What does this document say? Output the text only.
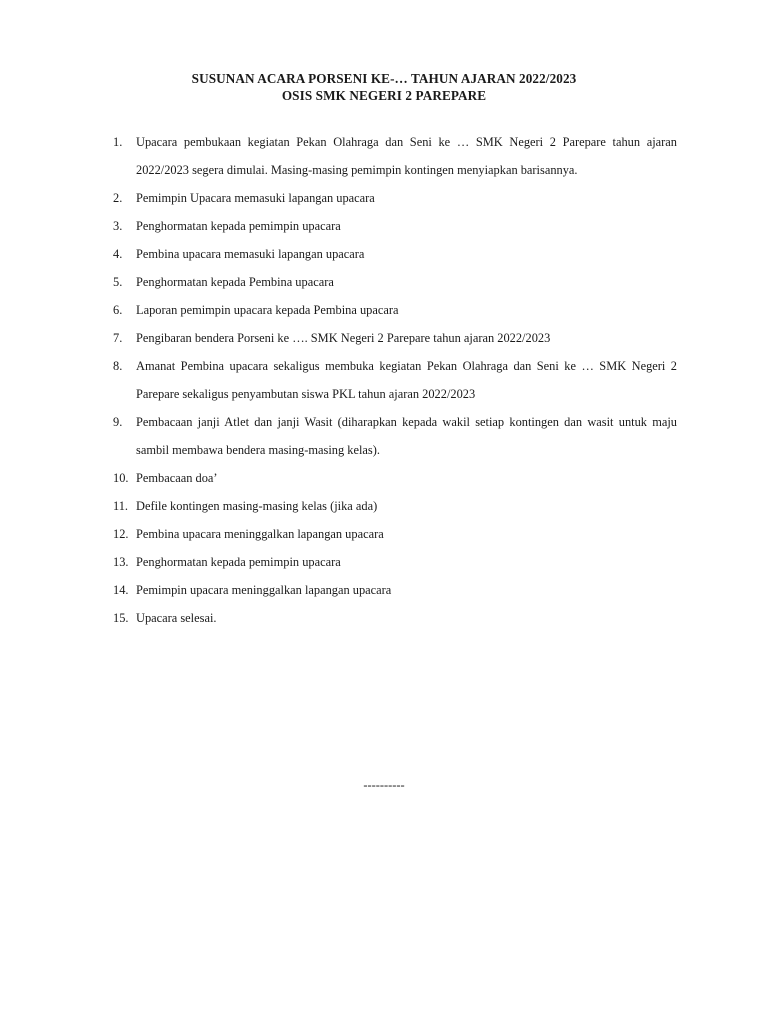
SUSUNAN ACARA PORSENI KE-… TAHUN AJARAN 2022/2023

OSIS SMK NEGERI 2 PAREPARE

1.	Upacara pembukaan kegiatan Pekan Olahraga dan Seni ke … SMK Negeri 2 Parepare tahun ajaran 2022/2023 segera dimulai. Masing-masing pemimpin kontingen menyiapkan barisannya.
2.	Pemimpin Upacara memasuki lapangan upacara
3.	Penghormatan kepada pemimpin upacara
4.	Pembina upacara memasuki lapangan upacara
5.	Penghormatan kepada Pembina upacara
6.	Laporan pemimpin upacara kepada Pembina upacara
7.	Pengibaran bendera Porseni ke …. SMK Negeri 2 Parepare tahun ajaran 2022/2023
8.	Amanat Pembina upacara sekaligus membuka kegiatan Pekan Olahraga dan Seni ke … SMK Negeri 2 Parepare sekaligus penyambutan siswa PKL tahun ajaran 2022/2023
9.	Pembacaan janji Atlet dan janji Wasit (diharapkan kepada wakil setiap kontingen dan wasit untuk maju sambil membawa bendera masing-masing kelas).
10. Pembacaan doa’
11. Defile kontingen masing-masing kelas (jika ada)
12. Pembina upacara meninggalkan lapangan upacara
13. Penghormatan kepada pemimpin upacara
14. Pemimpin upacara meninggalkan lapangan upacara
15. Upacara selesai.
----------
